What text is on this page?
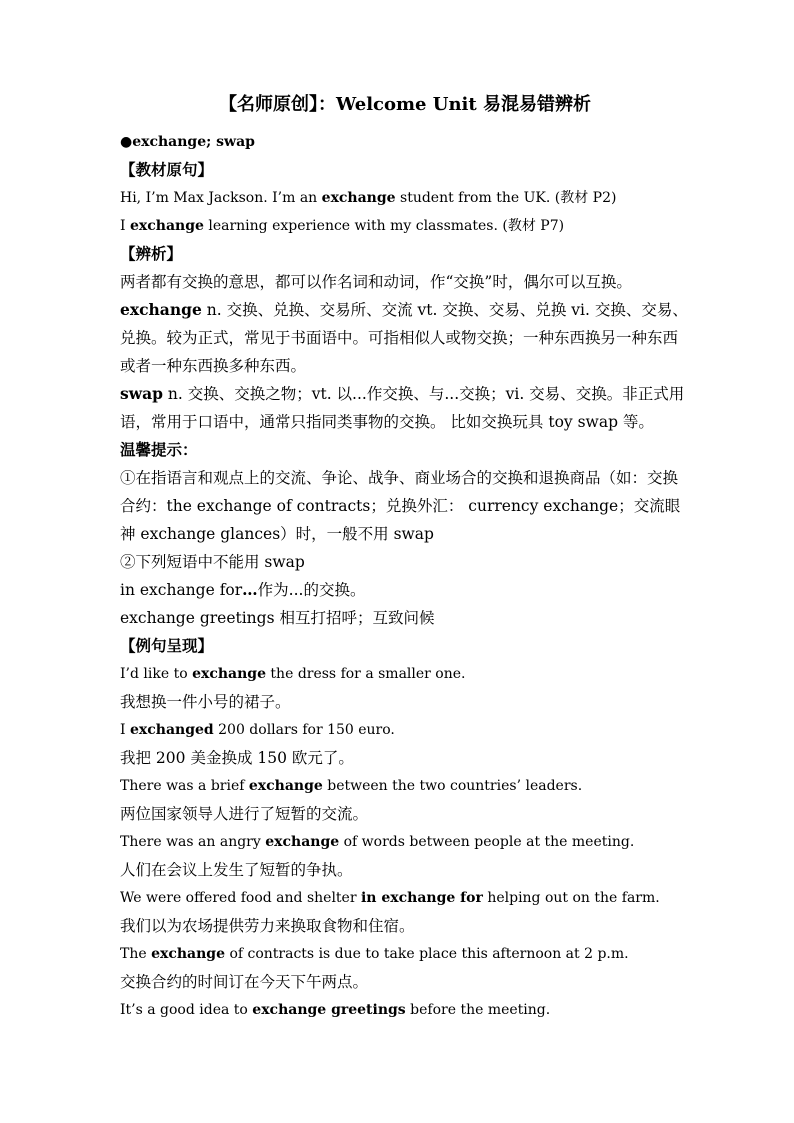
【名师原创】：Welcome Unit 易混易错辨析
●exchange; swap
【教材原句】
Hi, I’m Max Jackson. I’m an exchange student from the UK. (教材 P2)
I exchange learning experience with my classmates. (教材 P7)
【辨析】
两者都有交换的意思，都可以作名词和动词，作“交换”时，偶尔可以互换。
exchange n. 交换、兑换、交易所、交流 vt. 交换、交易、兑换 vi. 交换、交易、兑换。较为正式，常见于书面语中。可指相似人或物交换；一种东西换另一种东西或者一种东西换多种东西。
swap n. 交换、交换之物；vt. 以...作交换、与...交换；vi. 交易、交换。非正式用语，常用于口语中，通常只指同类事物的交换。 比如交换玩具 toy swap 等。
温馨提示：
①在指语言和观点上的交流、争论、战争、商业场合的交换和退换商品（如：交换合约：the exchange of contracts；兑换外汇： currency exchange；交流眼神 exchange glances）时，一般不用 swap
②下列短语中不能用 swap
in exchange for…作为...的交换。
exchange greetings 相互打招呼；互致问候
【例句呈现】
I’d like to exchange the dress for a smaller one.
我想换一件小号的裙子。
I exchanged 200 dollars for 150 euro.
我把 200 美金换成 150 欧元了。
There was a brief exchange between the two countries’ leaders.
两位国家领导人进行了短暂的交流。
There was an angry exchange of words between people at the meeting.
人们在会议上发生了短暂的争执。
We were offered food and shelter in exchange for helping out on the farm.
我们以为农场提供劳力来换取食物和住宿。
The exchange of contracts is due to take place this afternoon at 2 p.m.
交换合约的时间订在今天下午两点。
It’s a good idea to exchange greetings before the meeting.
